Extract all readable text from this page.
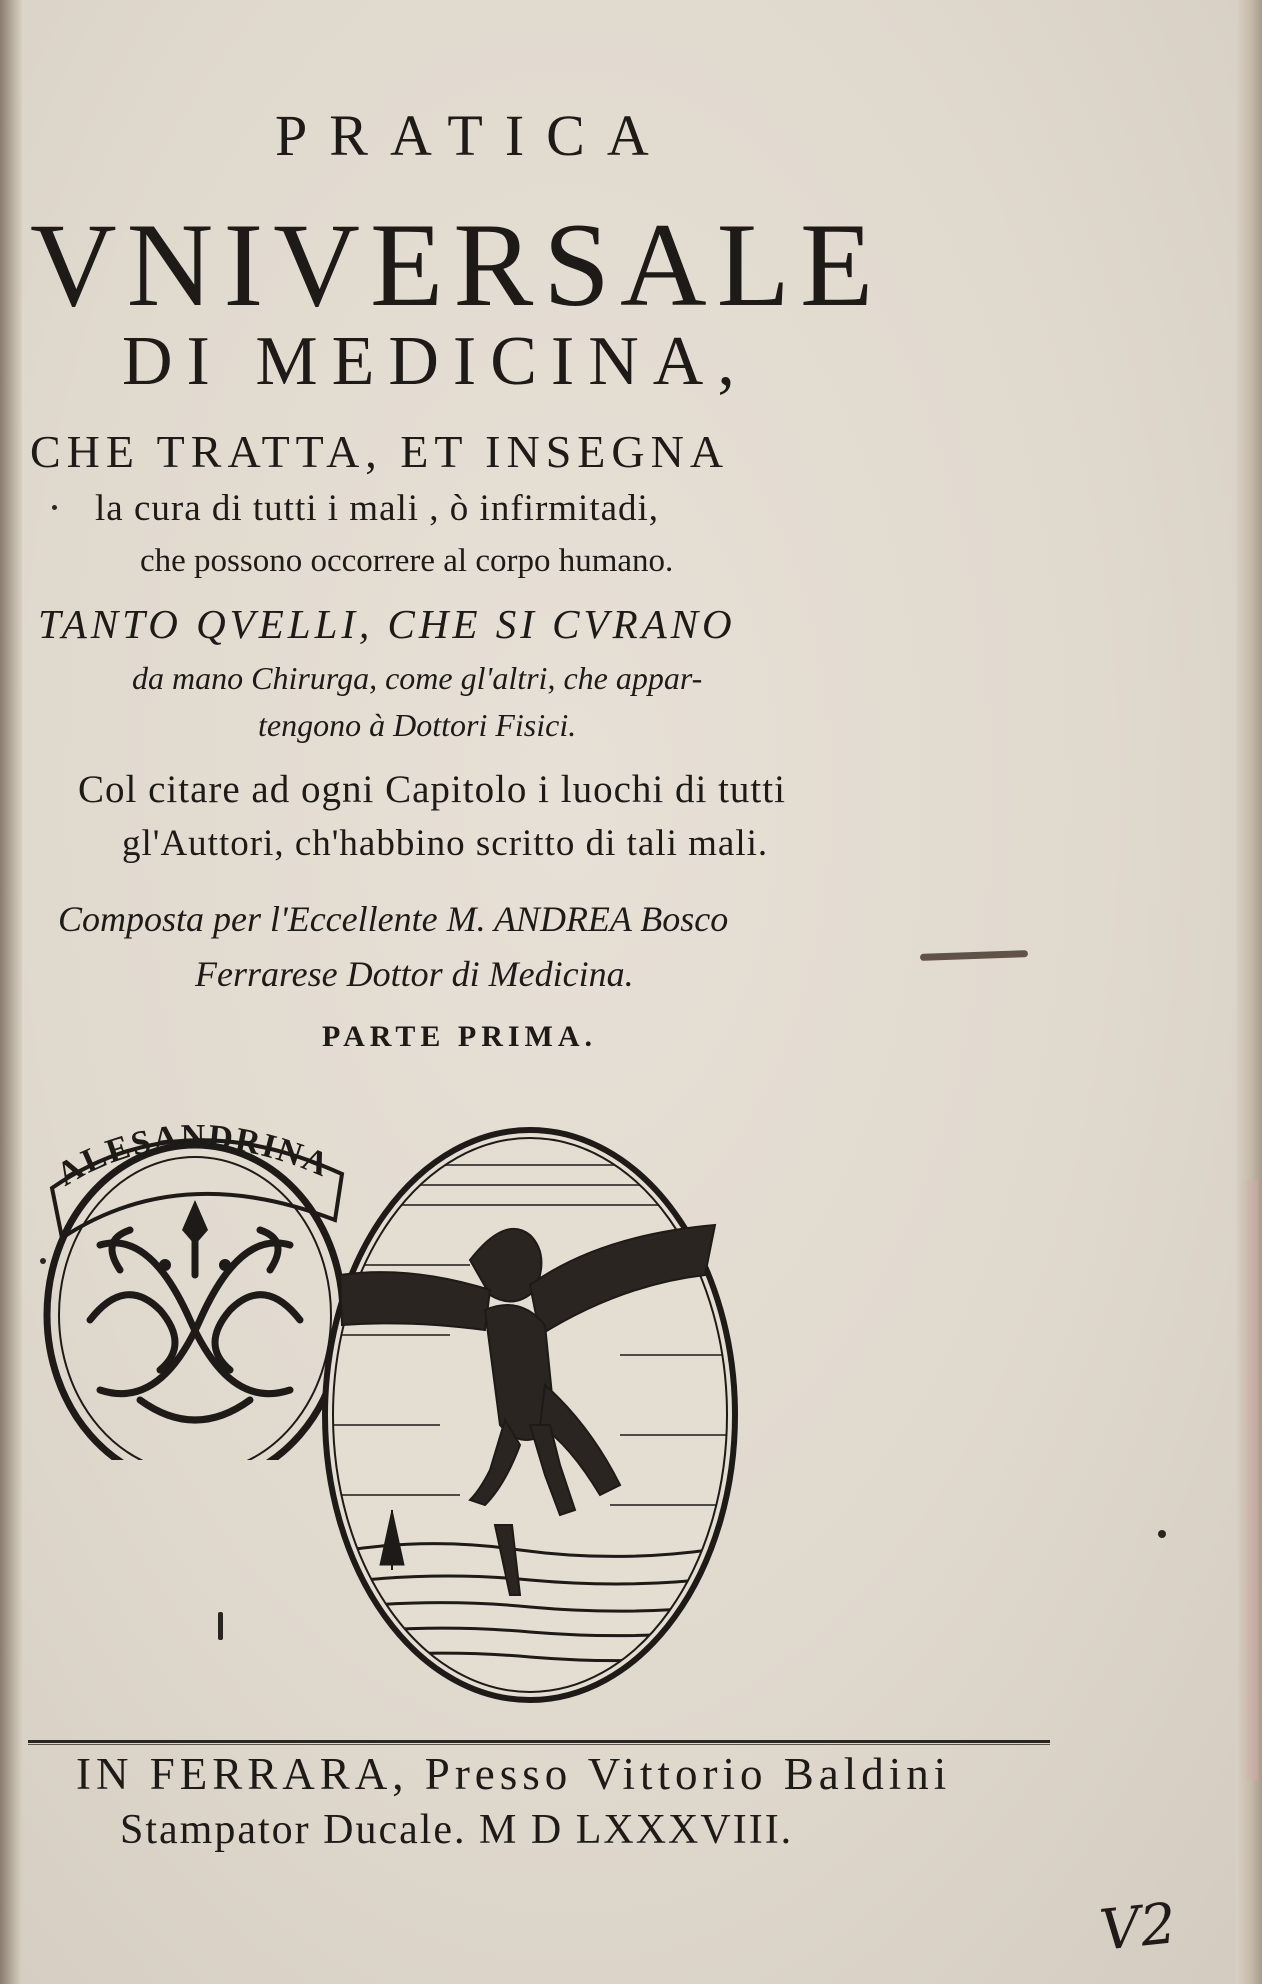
PRATICA
VNIVERSALE
DI MEDICINA,
CHE TRATTA, ET INSEGNA
la cura di tutti i mali , ò infirmitadi,
che possono occorrere al corpo humano.
TANTO QVELLI, CHE SI CVRANO
da mano Chirurga, come gl'altri, che appar-
tengono à Dottori Fisici.
Col citare ad ogni Capitolo i luochi di tutti
gl'Auttori, ch'habbino scritto di tali mali.
Composta per l'Eccellente M. ANDREA Bosco
Ferrarese Dottor di Medicina.
PARTE PRIMA.
ALESANDRINA
IN FERRARA, Presso Vittorio Baldini
Stampator Ducale. M D LXXXVIII.
V2
